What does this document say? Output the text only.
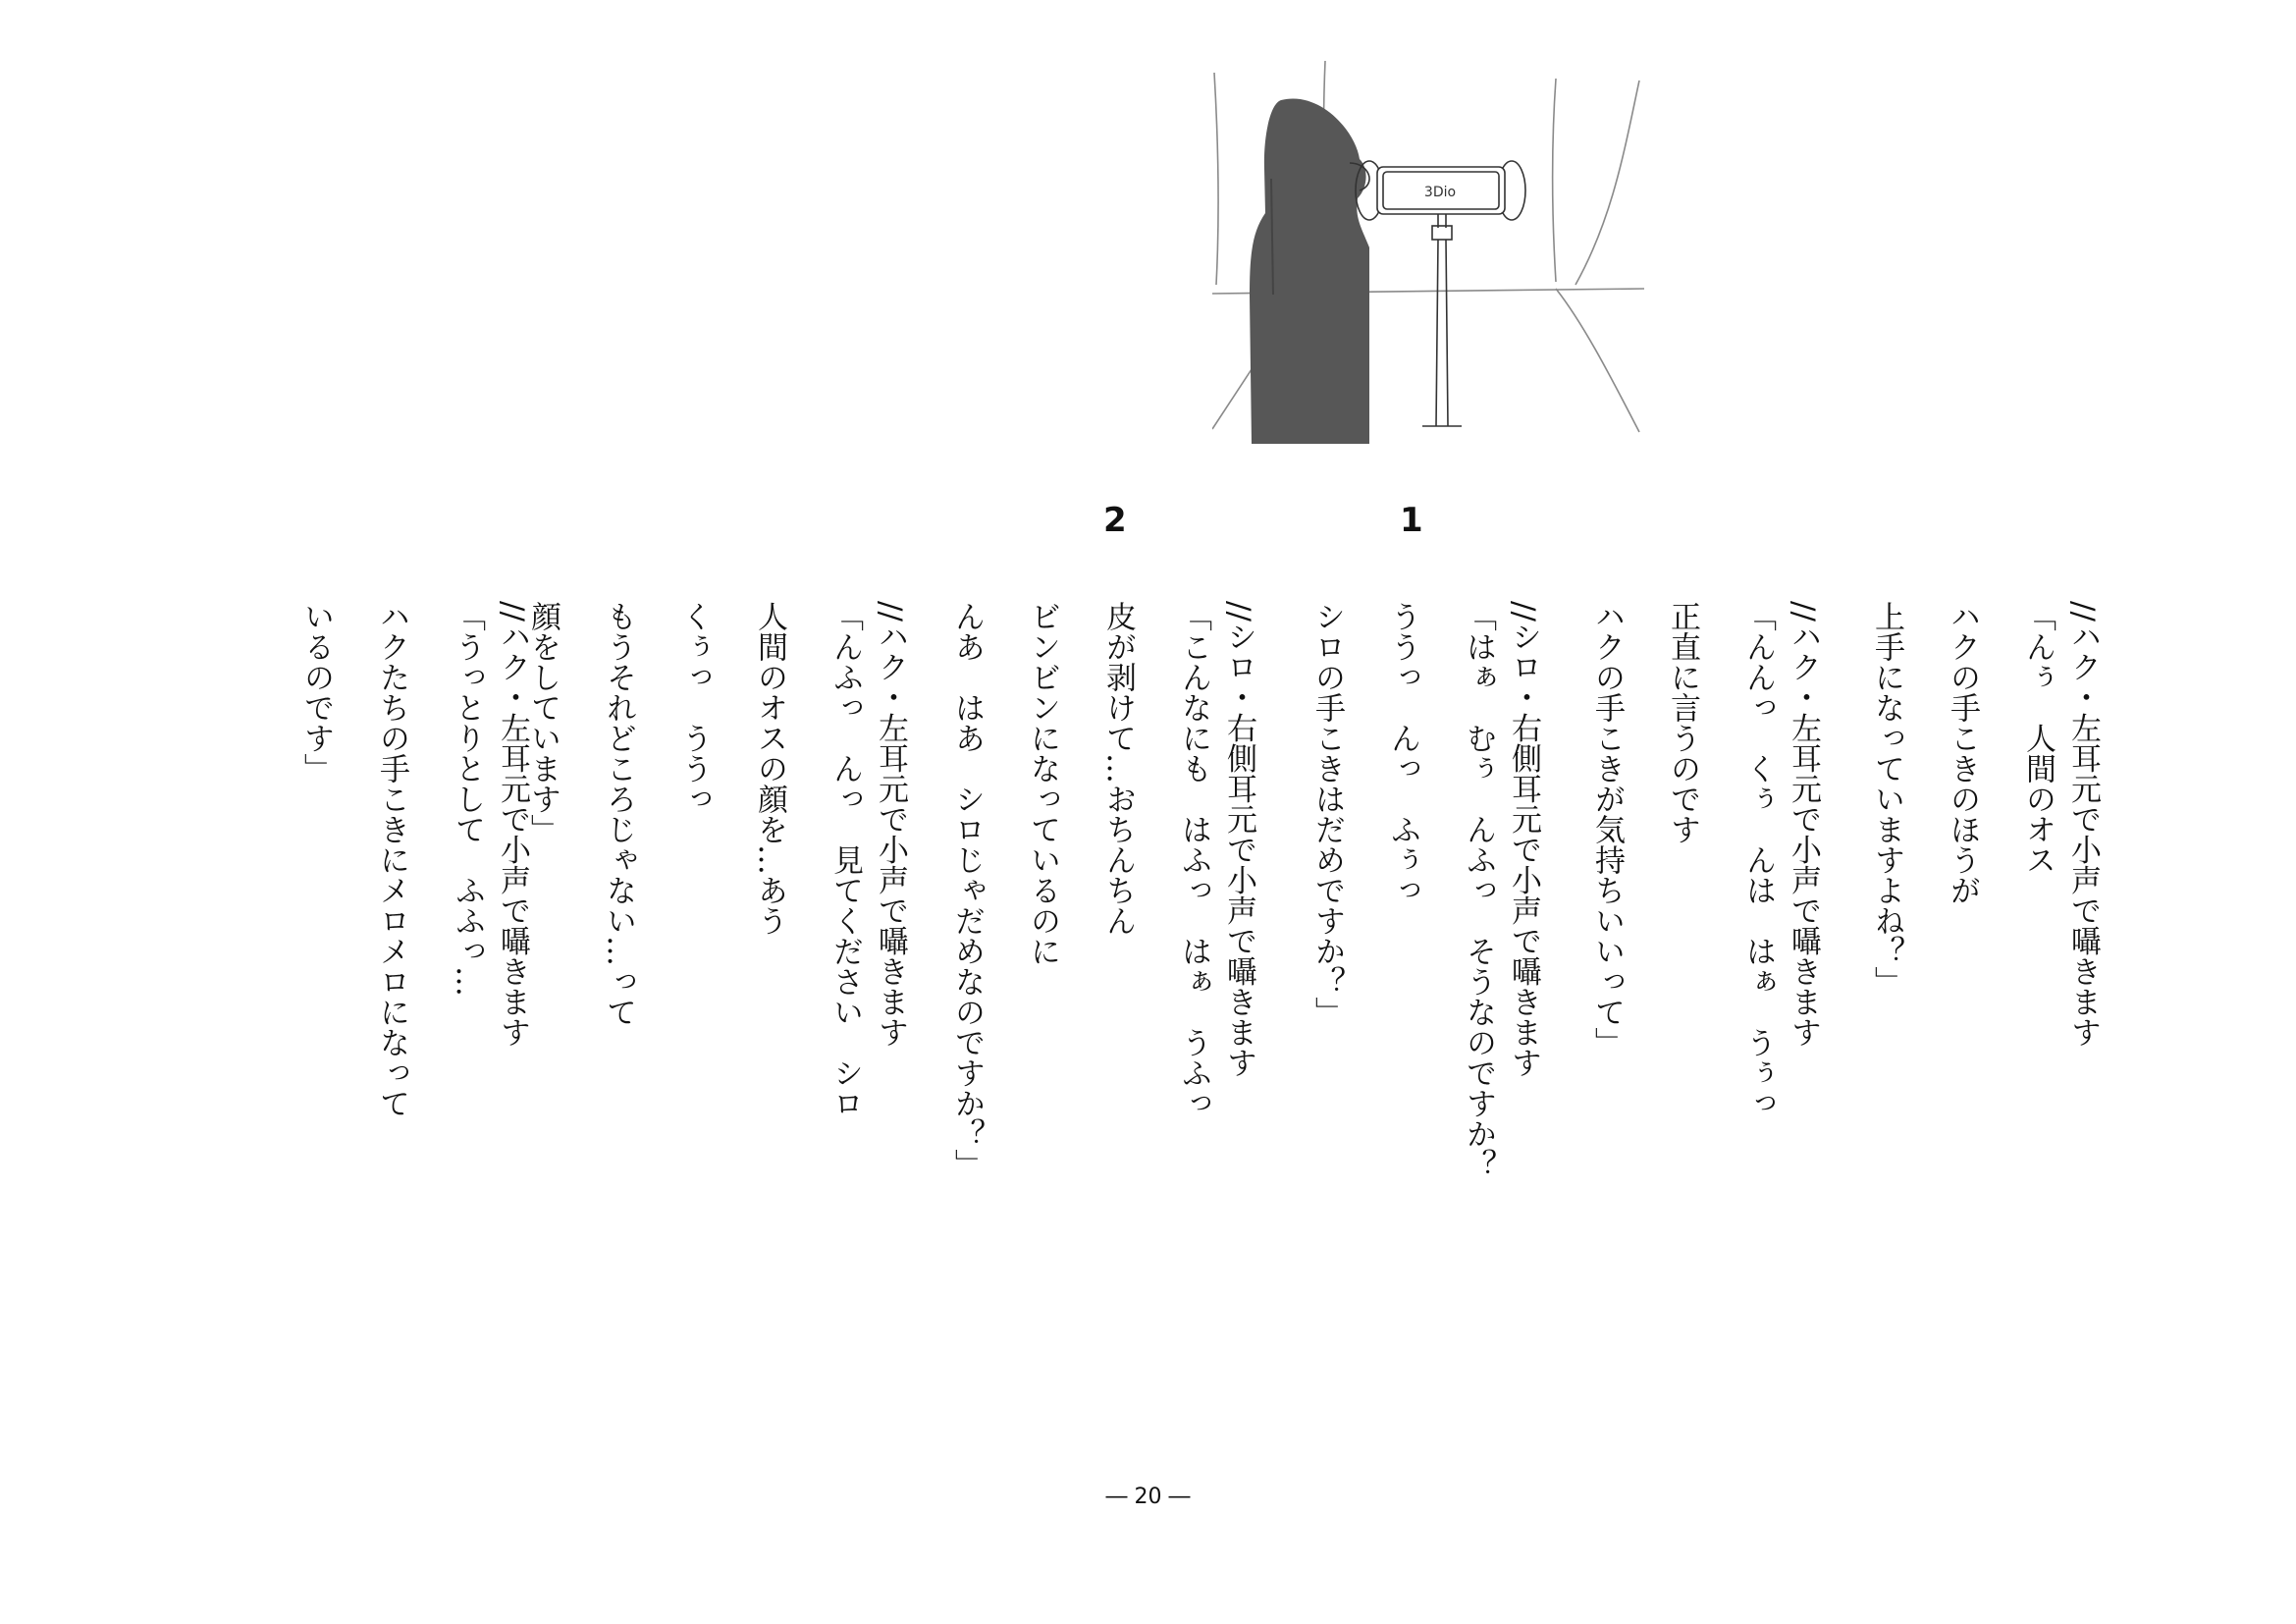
3Dio
1
2
//ハク・左耳元で小声で囁きます
「んぅ　人間のオス
ハクの手こきのほうが
上手になっていますよね？」
//ハク・左耳元で小声で囁きます
「んんっ　くぅ　んは　はぁ　うぅっ
正直に言うのです
ハクの手こきが気持ちいいって」
//シロ・右側耳元で小声で囁きます
「はぁ　むぅ　んふっ　そうなのですか？
ううっ　んっ　ふぅっ
シロの手こきはだめですか？」
//シロ・右側耳元で小声で囁きます
「こんなにも　はふっ　はぁ　うふっ
皮が剥けて…おちんちん
ビンビンになっているのに
んあ　はあ　シロじゃだめなのですか？」
//ハク・左耳元で小声で囁きます
「んふっ　んっ　見てください　シロ
人間のオスの顔を…あう
くぅっ　ううっ
もうそれどころじゃない…って
顔をしています」
//ハク・左耳元で小声で囁きます
「うっとりとして　ふふっ…
ハクたちの手こきにメロメロになって
いるのです」
― 20 ―
